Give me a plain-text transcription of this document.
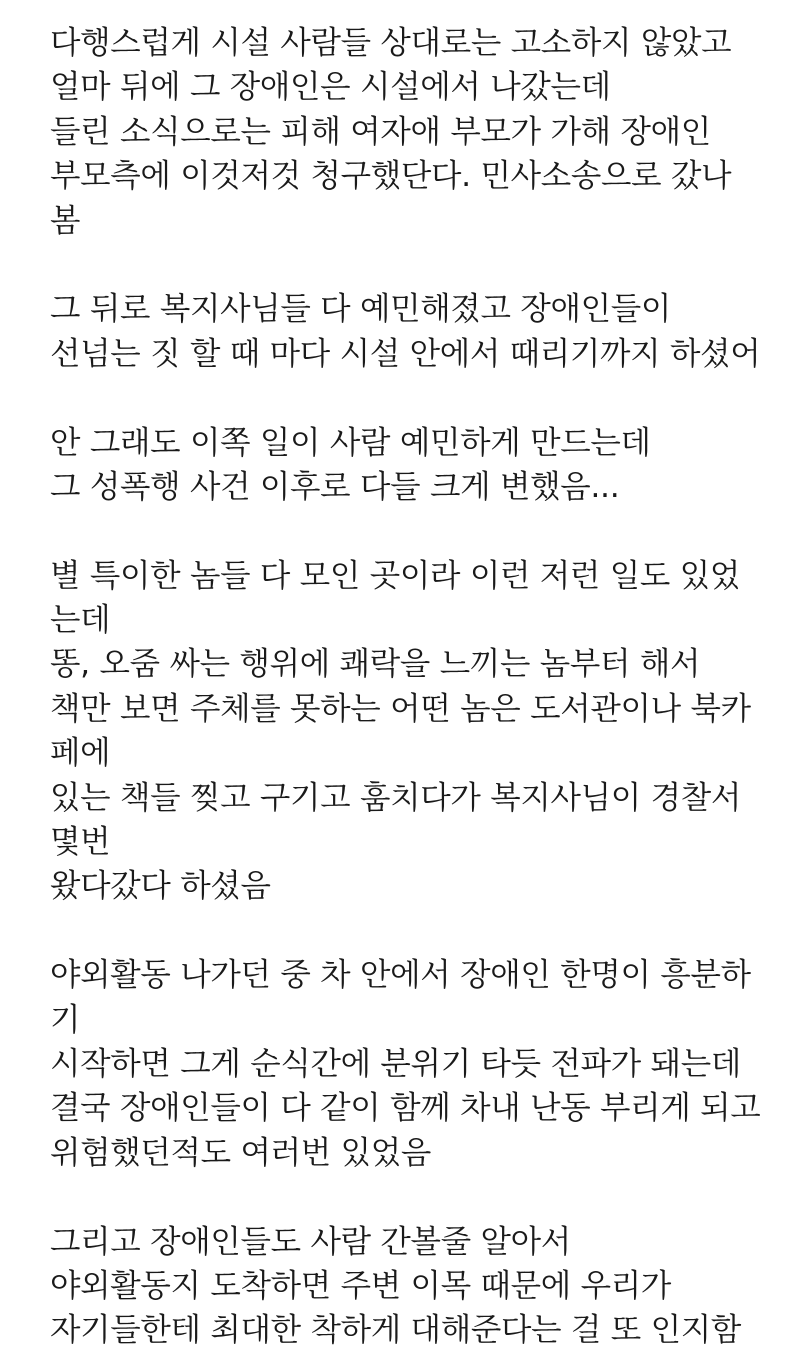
다행스럽게 시설 사람들 상대로는 고소하지 않았고
얼마 뒤에 그 장애인은 시설에서 나갔는데
들린 소식으로는 피해 여자애 부모가 가해 장애인
부모측에 이것저것 청구했단다. 민사소송으로 갔나
봄
그 뒤로 복지사님들 다 예민해졌고 장애인들이
선넘는 짓 할 때 마다 시설 안에서 때리기까지 하셨어
안 그래도 이쪽 일이 사람 예민하게 만드는데
그 성폭행 사건 이후로 다들 크게 변했음...
별 특이한 놈들 다 모인 곳이라 이런 저런 일도 있었
는데
똥, 오줌 싸는 행위에 쾌락을 느끼는 놈부터 해서
책만 보면 주체를 못하는 어떤 놈은 도서관이나 북카
페에
있는 책들 찢고 구기고 훔치다가 복지사님이 경찰서
몇번
왔다갔다 하셨음
야외활동 나가던 중 차 안에서 장애인 한명이 흥분하
기
시작하면 그게 순식간에 분위기 타듯 전파가 돼는데
결국 장애인들이 다 같이 함께 차내 난동 부리게 되고
위험했던적도 여러번 있었음
그리고 장애인들도 사람 간볼줄 알아서
야외활동지 도착하면 주변 이목 때문에 우리가
자기들한테 최대한 착하게 대해준다는 걸 또 인지함
